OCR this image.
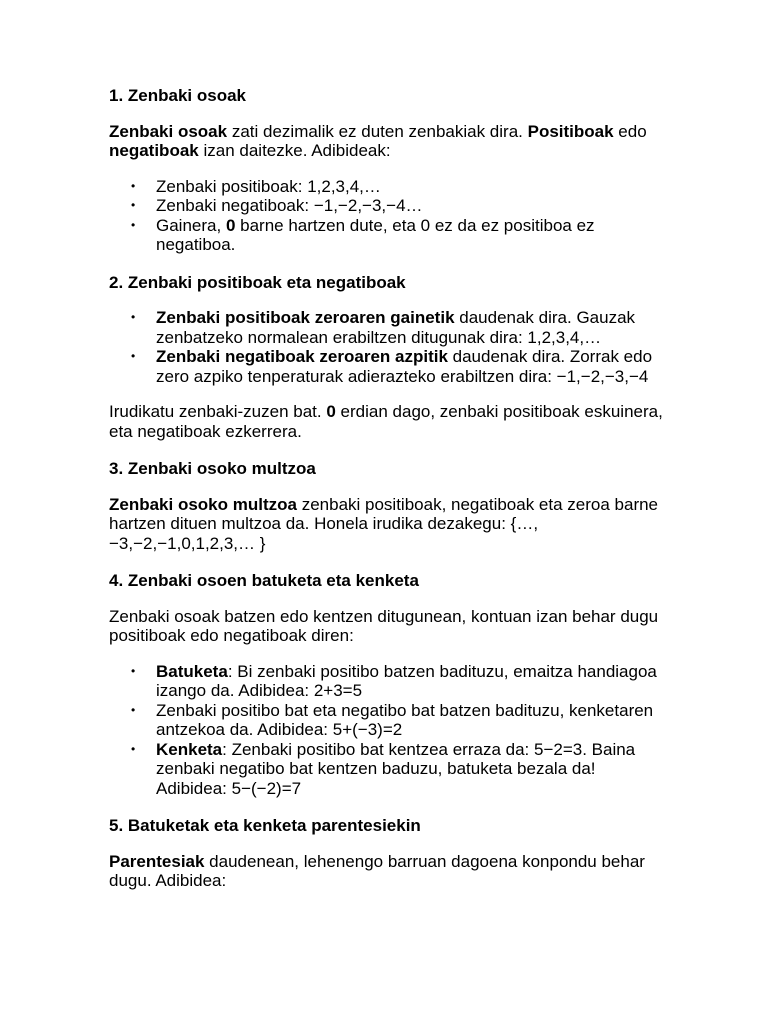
1. Zenbaki osoak

Zenbaki osoak zati dezimalik ez duten zenbakiak dira. Positiboak edo negatiboak izan daitezke. Adibideak:

• Zenbaki positiboak: 1,2,3,4,…
• Zenbaki negatiboak: −1,−2,−3,−4…
• Gainera, 0 barne hartzen dute, eta 0 ez da ez positiboa ez negatiboa.
2. Zenbaki positiboak eta negatiboak
• Zenbaki positiboak zeroaren gainetik daudenak dira. Gauzak zenbatzeko normalean erabiltzen ditugunak dira: 1,2,3,4,…
• Zenbaki negatiboak zeroaren azpitik daudenak dira. Zorrak edo zero azpiko tenperaturak adierazteko erabiltzen dira: −1,−2,−3,−4

Irudikatu zenbaki-zuzen bat. 0 erdian dago, zenbaki positiboak eskuinera, eta negatiboak ezkerrera.

3. Zenbaki osoko multzoa

Zenbaki osoko multzoa zenbaki positiboak, negatiboak eta zeroa barne hartzen dituen multzoa da. Honela irudika dezakegu: {…, −3,−2,−1,0,1,2,3,… }

4. Zenbaki osoen batuketa eta kenketa

Zenbaki osoak batzen edo kentzen ditugunean, kontuan izan behar dugu positiboak edo negatiboak diren:

• Batuketa: Bi zenbaki positibo batzen badituzu, emaitza handiagoa izango da. Adibidea: 2+3=5
• Zenbaki positibo bat eta negatibo bat batzen badituzu, kenketaren antzekoa da. Adibidea: 5+(−3)=2
• Kenketa: Zenbaki positibo bat kentzea erraza da: 5−2=3. Baina zenbaki negatibo bat kentzen baduzu, batuketa bezala da! Adibidea: 5−(−2)=7
5. Batuketak eta kenketa parentesiekin

Parentesiak daudenean, lehenengo barruan dagoena konpondu behar dugu. Adibidea:
